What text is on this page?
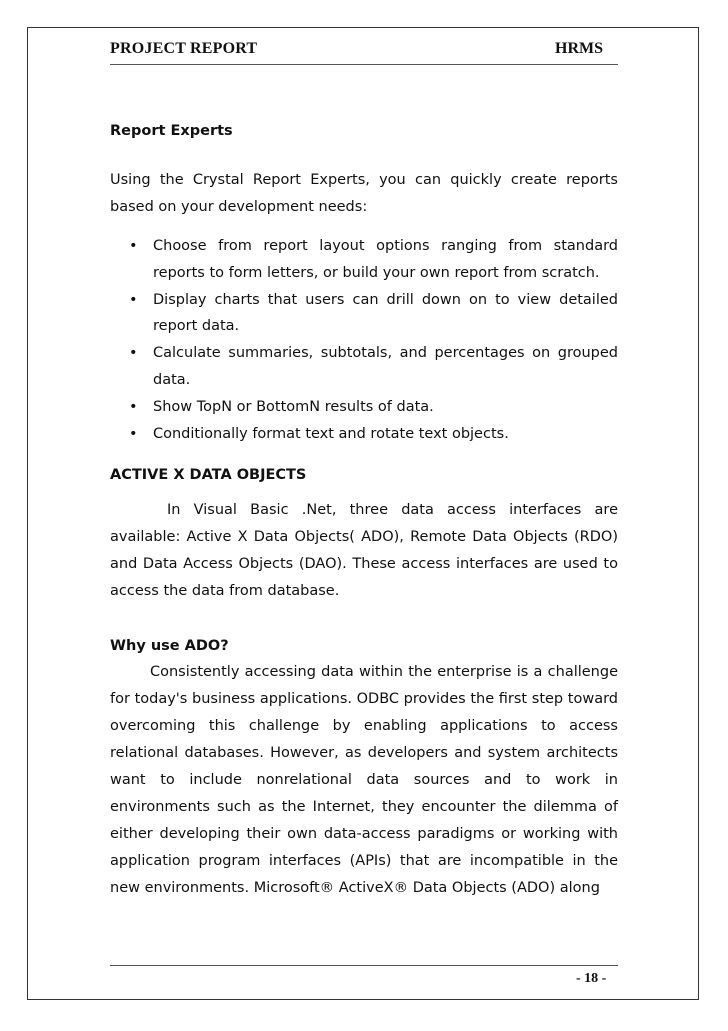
PROJECT REPORT	HRMS

Report Experts

Using the Crystal Report Experts, you can quickly create reports based on your development needs:

• Choose from report layout options ranging from standard reports to form letters, or build your own report from scratch.
• Display charts that users can drill down on to view detailed report data.
• Calculate summaries, subtotals, and percentages on grouped data.
• Show TopN or BottomN results of data.
• Conditionally format text and rotate text objects.

ACTIVE X DATA OBJECTS

In Visual Basic .Net, three data access interfaces are available: Active X Data Objects( ADO), Remote Data Objects (RDO) and Data Access Objects (DAO). These access interfaces are used to access the data from database.

Why use ADO?

Consistently accessing data within the enterprise is a challenge for today's business applications. ODBC provides the first step toward overcoming this challenge by enabling applications to access relational databases. However, as developers and system architects want to include nonrelational data sources and to work in environments such as the Internet, they encounter the dilemma of either developing their own data-access paradigms or working with application program interfaces (APIs) that are incompatible in the new environments. Microsoft® ActiveX® Data Objects (ADO) along

- 18 -
